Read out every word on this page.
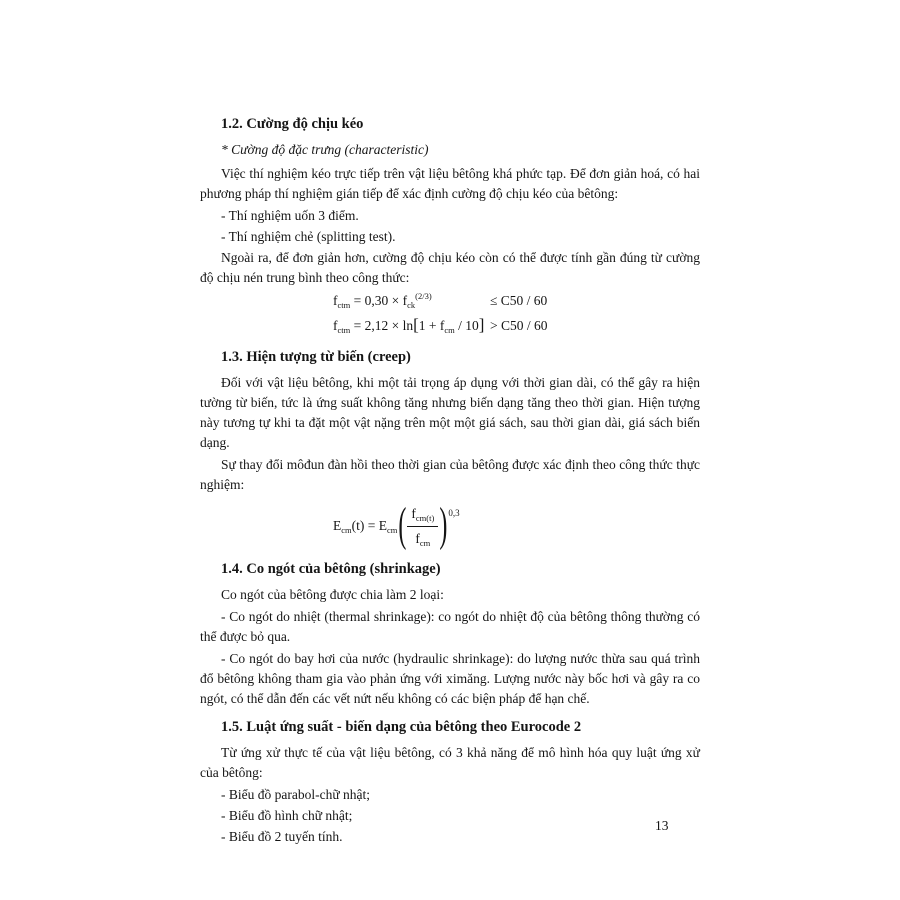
1.2. Cường độ chịu kéo

* Cường độ đặc trưng (characteristic)

Việc thí nghiệm kéo trực tiếp trên vật liệu bêtông khá phức tạp. Để đơn giản hoá, có hai phương pháp thí nghiệm gián tiếp để xác định cường độ chịu kéo của bêtông:

- Thí nghiệm uốn 3 điểm.

- Thí nghiệm chẻ (splitting test).

Ngoài ra, để đơn giản hơn, cường độ chịu kéo còn có thể được tính gần đúng từ cường độ chịu nén trung bình theo công thức:

$f_{ctm} = 0,30 \times f_{ck}^{(2/3)}$	≤ C50 / 60
$f_{ctm} = 2,12 \times \ln[1 + f_{cm} / 10] > C50 / 60$
1.3. Hiện tượng từ biến (creep)

Đối với vật liệu bêtông, khi một tải trọng áp dụng với thời gian dài, có thể gây ra hiện tường từ biến, tức là ứng suất không tăng nhưng biến dạng tăng theo thời gian. Hiện tượng này tương tự khi ta đặt một vật nặng trên một một giá sách, sau thời gian dài, giá sách biến dạng.

Sự thay đổi môđun đàn hồi theo thời gian của bêtông được xác định theo công thức thực nghiệm:

$E_{cm}(t) = E_{cm}$ ( $\frac{f_{cm(t)}}{f_{cm}}$ ) 0,3
1.4. Co ngót của bêtông (shrinkage)

Co ngót của bêtông được chia làm 2 loại:

- Co ngót do nhiệt (thermal shrinkage): co ngót do nhiệt độ của bêtông thông thường có thể được bỏ qua.

- Co ngót do bay hơi của nước (hydraulic shrinkage): do lượng nước thừa sau quá trình đổ bêtông không tham gia vào phản ứng với ximăng. Lượng nước này bốc hơi và gây ra co ngót, có thể dẫn đến các vết nứt nếu không có các biện pháp để hạn chế.

1.5. Luật ứng suất - biến dạng của bêtông theo Eurocode 2

Từ ứng xử thực tế của vật liệu bêtông, có 3 khả năng để mô hình hóa quy luật ứng xử của bêtông:

- Biểu đồ parabol-chữ nhật;

- Biểu đồ hình chữ nhật;

- Biểu đồ 2 tuyến tính.

13
